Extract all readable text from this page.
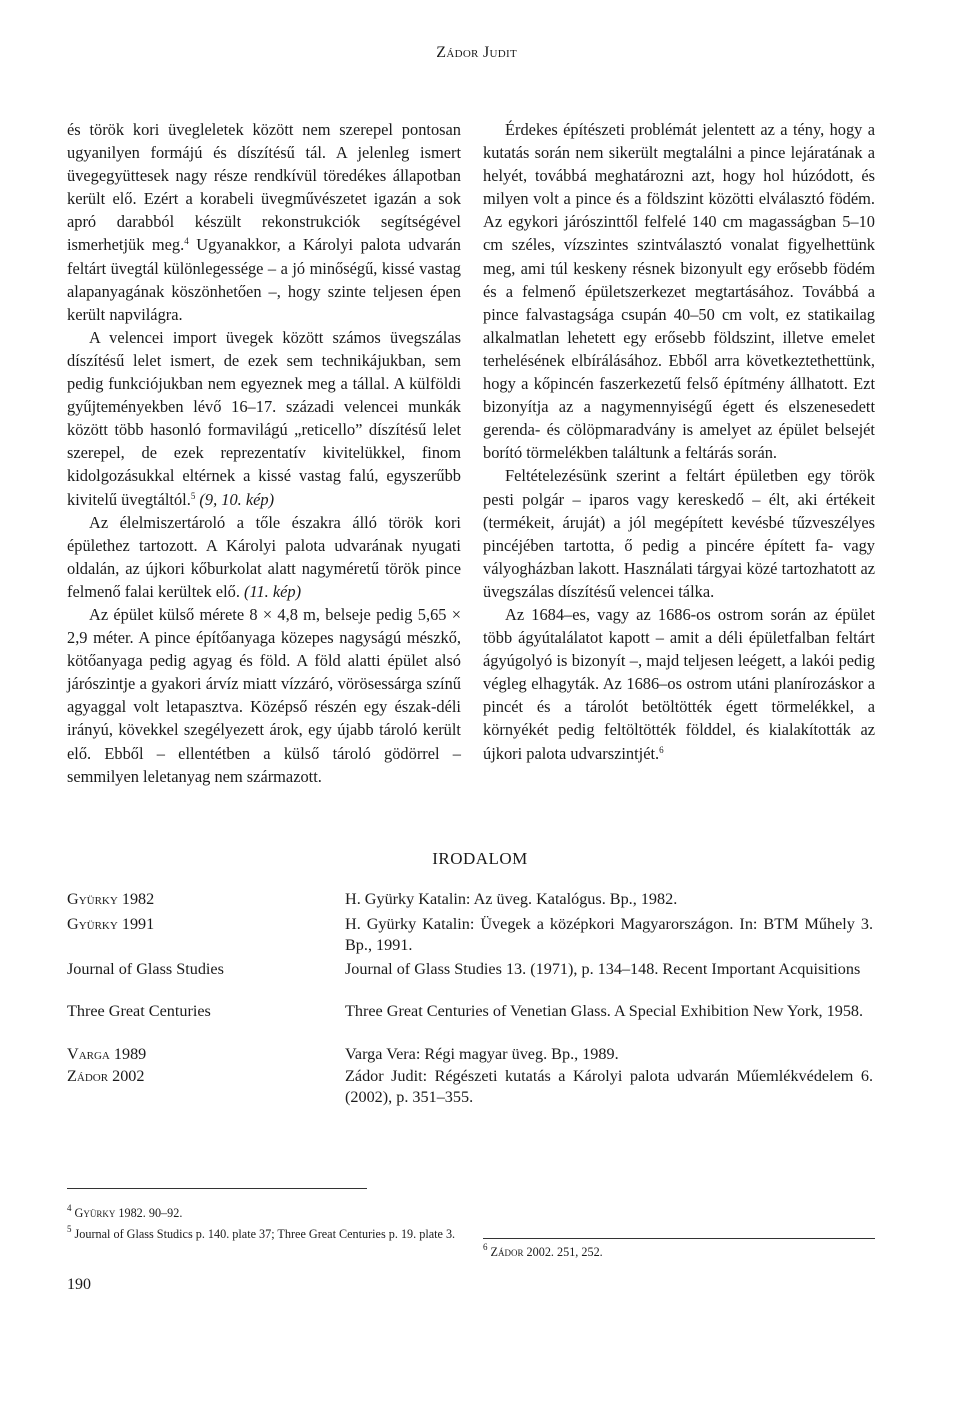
Zádor Judit

és török kori üvegleletek között nem szerepel pontosan ugyanilyen formájú és díszítésű tál. A jelenleg ismert üvegegyüttesek nagy része rendkívül töredékes állapotban került elő. Ezért a korabeli üvegművészetet igazán a sok apró darabból készült rekonstrukciók segítségével ismerhetjük meg.$^4$ Ugyanakkor, a Károlyi palota udvarán feltárt üvegtál különlegessége – a jó minőségű, kissé vastag alapanyagának köszönhetően –, hogy szinte teljesen épen került napvilágra.

A velencei import üvegek között számos üvegszálas díszítésű lelet ismert, de ezek sem technikájukban, sem pedig funkciójukban nem egyeznek meg a tállal. A külföldi gyűjteményekben lévő 16–17. századi velencei munkák között több hasonló formavilágú „reticello” díszítésű lelet szerepel, de ezek reprezentatív kivitelükkel, finom kidolgozásukkal eltérnek a kissé vastag falú, egyszerűbb kivitelű üvegtáltól.$^5$ (9, 10. kép)

Az élelmiszertároló a tőle északra álló török kori épülethez tartozott. A Károlyi palota udvarának nyugati oldalán, az újkori kőburkolat alatt nagyméretű török pince felmenő falai kerültek elő. (11. kép)

Az épület külső mérete 8 × 4,8 m, belseje pedig 5,65 × 2,9 méter. A pince építőanyaga közepes nagyságú mészkő, kötőanyaga pedig agyag és föld. A föld alatti épület alsó járószintje a gyakori árvíz miatt vízzáró, vörösessárga színű agyaggal volt letapasztva. Középső részén egy észak-déli irányú, kövekkel szegélyezett árok, egy újabb tároló került elő. Ebből – ellentétben a külső tároló gödörrel – semmilyen leletanyag nem származott.

Érdekes építészeti problémát jelentett az a tény, hogy a kutatás során nem sikerült megtalálni a pince lejáratának a helyét, továbbá meghatározni azt, hogy hol húzódott, és milyen volt a pince és a földszint közötti elválasztó födém. Az egykori járószinttől felfelé 140 cm magasságban 5–10 cm széles, vízszintes szintválasztó vonalat figyelhettünk meg, ami túl keskeny résnek bizonyult egy erősebb födém és a felmenő épületszerkezet megtartásához. Továbbá a pince falvastagsága csupán 40–50 cm volt, ez statikailag alkalmatlan lehetett egy erősebb földszint, illetve emelet terhelésének elbírálásához. Ebből arra következtethettünk, hogy a kőpincén faszerkezetű felső építmény állhatott. Ezt bizonyítja az a nagymennyiségű égett és elszenesedett gerenda- és cölöpmaradvány is amelyet az épület belsejét borító törmelékben találtunk a feltárás során.

Feltételezésünk szerint a feltárt épületben egy török pesti polgár – iparos vagy kereskedő – élt, aki értékeit (termékeit, áruját) a jól megépített kevésbé tűzveszélyes pincéjében tartotta, ő pedig a pincére épített fa- vagy vályogházban lakott. Használati tárgyai közé tartozhatott az üvegszálas díszítésű velencei tálka.

Az 1684–es, vagy az 1686-os ostrom során az épület több ágyútalálatot kapott – amit a déli épületfalban feltárt ágyúgolyó is bizonyít –, majd teljesen leégett, a lakói pedig végleg elhagyták. Az 1686–os ostrom utáni planírozáskor a pincét és a tárolót betöltötték égett törmelékkel, a környékét pedig feltöltötték földdel, és kialakították az újkori palota udvarszintjét.$^6$

IRODALOM
Gyürky 1982	H. Gyürky Katalin: Az üveg. Katalógus. Bp., 1982.
Gyürky 1991	H. Gyürky Katalin: Üvegek a középkori Magyarországon. In: BTM Műhely 3. Bp., 1991.
Journal of Glass Studies	Journal of Glass Studies 13. (1971), p. 134–148. Recent Important Acquisitions
Three Great Centuries	Three Great Centuries of Venetian Glass. A Special Exhibition New York, 1958.
Varga 1989	Varga Vera: Régi magyar üveg. Bp., 1989.
Zádor 2002	Zádor Judit: Régészeti kutatás a Károlyi palota udvarán Műemlékvédelem 6. (2002), p. 351–355.
$^4$ Gyürky 1982. 90–92.
$^5$ Journal of Glass Studics p. 140. plate 37; Three Great Centuries p. 19. plate 3.
$^6$ Zádor 2002. 251, 252.
190
